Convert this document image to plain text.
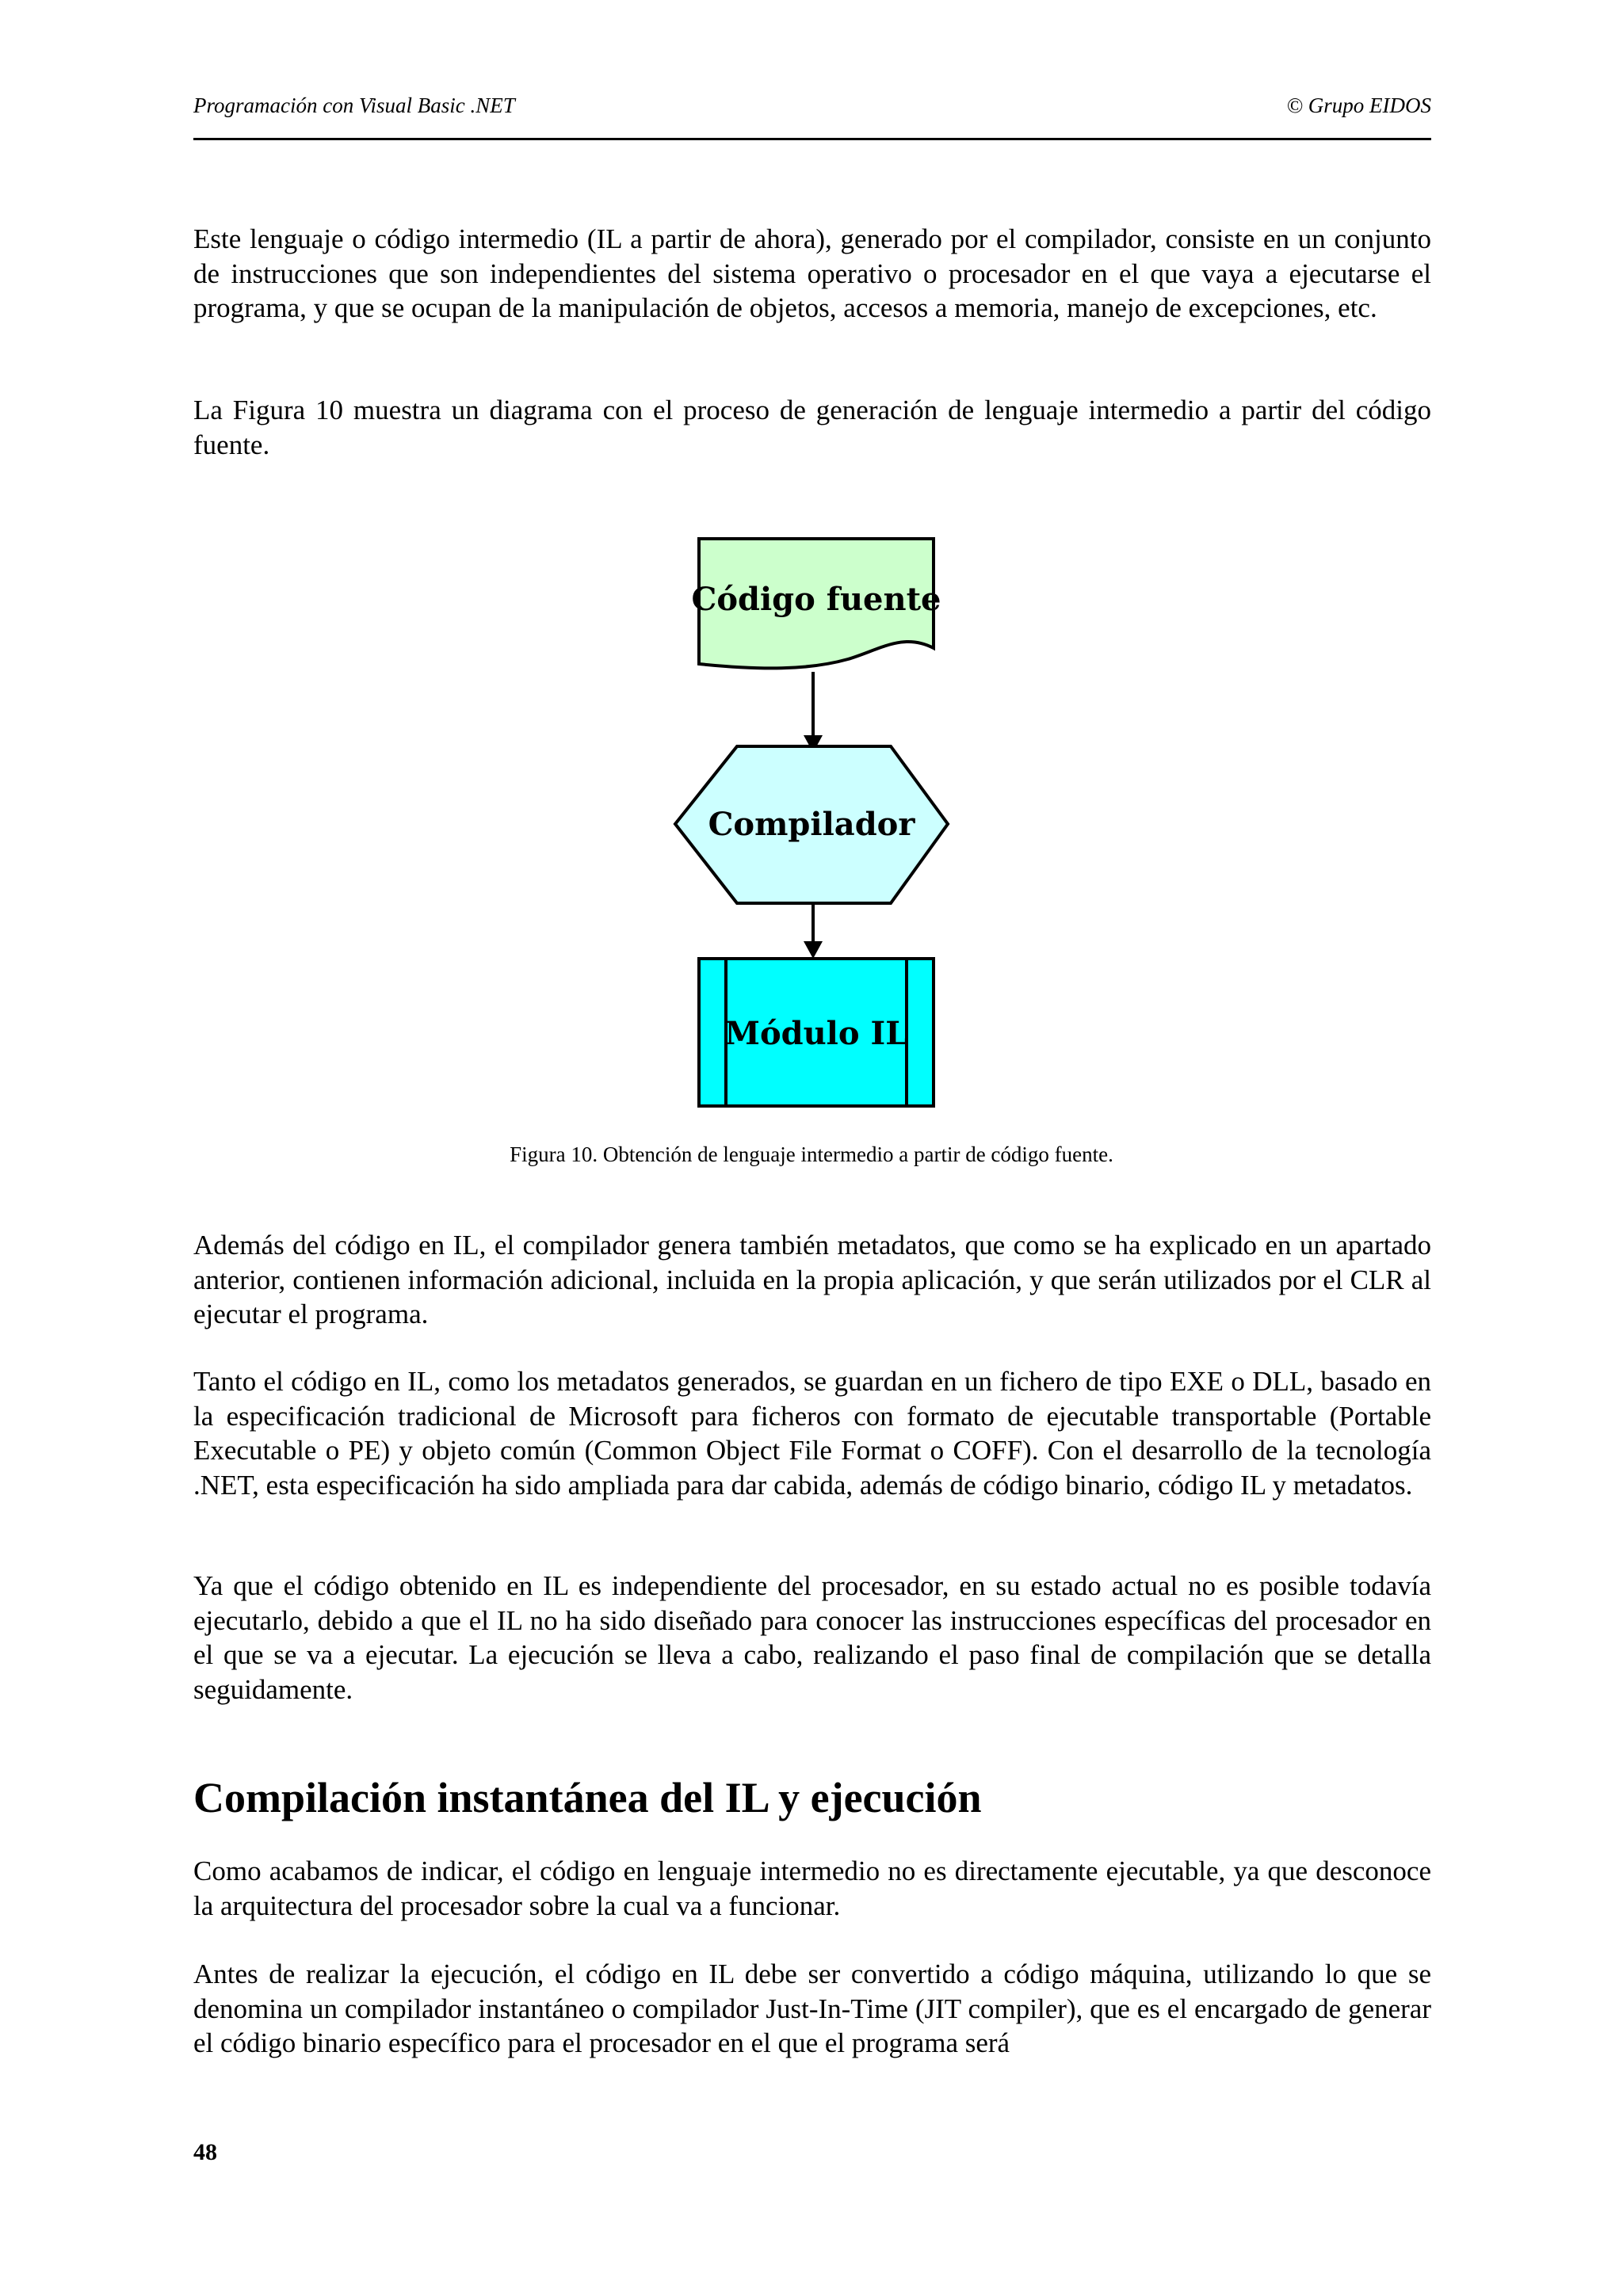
Programación con Visual Basic .NET	© Grupo EIDOS

Este lenguaje o código intermedio (IL a partir de ahora), generado por el compilador, consiste en un conjunto de instrucciones que son independientes del sistema operativo o procesador en el que vaya a ejecutarse el programa, y que se ocupan de la manipulación de objetos, accesos a memoria, manejo de excepciones, etc.

La Figura 10 muestra un diagrama con el proceso de generación de lenguaje intermedio a partir del código fuente.

Código fuente
Compilador
Módulo IL
Figura 10. Obtención de lenguaje intermedio a partir de código fuente.

Además del código en IL, el compilador genera también metadatos, que como se ha explicado en un apartado anterior, contienen información adicional, incluida en la propia aplicación, y que serán utilizados por el CLR al ejecutar el programa.

Tanto el código en IL, como los metadatos generados, se guardan en un fichero de tipo EXE o DLL, basado en la especificación tradicional de Microsoft para ficheros con formato de ejecutable transportable (Portable Executable o PE) y objeto común (Common Object File Format o COFF). Con el desarrollo de la tecnología .NET, esta especificación ha sido ampliada para dar cabida, además de código binario, código IL y metadatos.

Ya que el código obtenido en IL es independiente del procesador, en su estado actual no es posible todavía ejecutarlo, debido a que el IL no ha sido diseñado para conocer las instrucciones específicas del procesador en el que se va a ejecutar. La ejecución se lleva a cabo, realizando el paso final de compilación que se detalla seguidamente.

Compilación instantánea del IL y ejecución

Como acabamos de indicar, el código en lenguaje intermedio no es directamente ejecutable, ya que desconoce la arquitectura del procesador sobre la cual va a funcionar.

Antes de realizar la ejecución, el código en IL debe ser convertido a código máquina, utilizando lo que se denomina un compilador instantáneo o compilador Just-In-Time (JIT compiler), que es el encargado de generar el código binario específico para el procesador en el que el programa será

48
